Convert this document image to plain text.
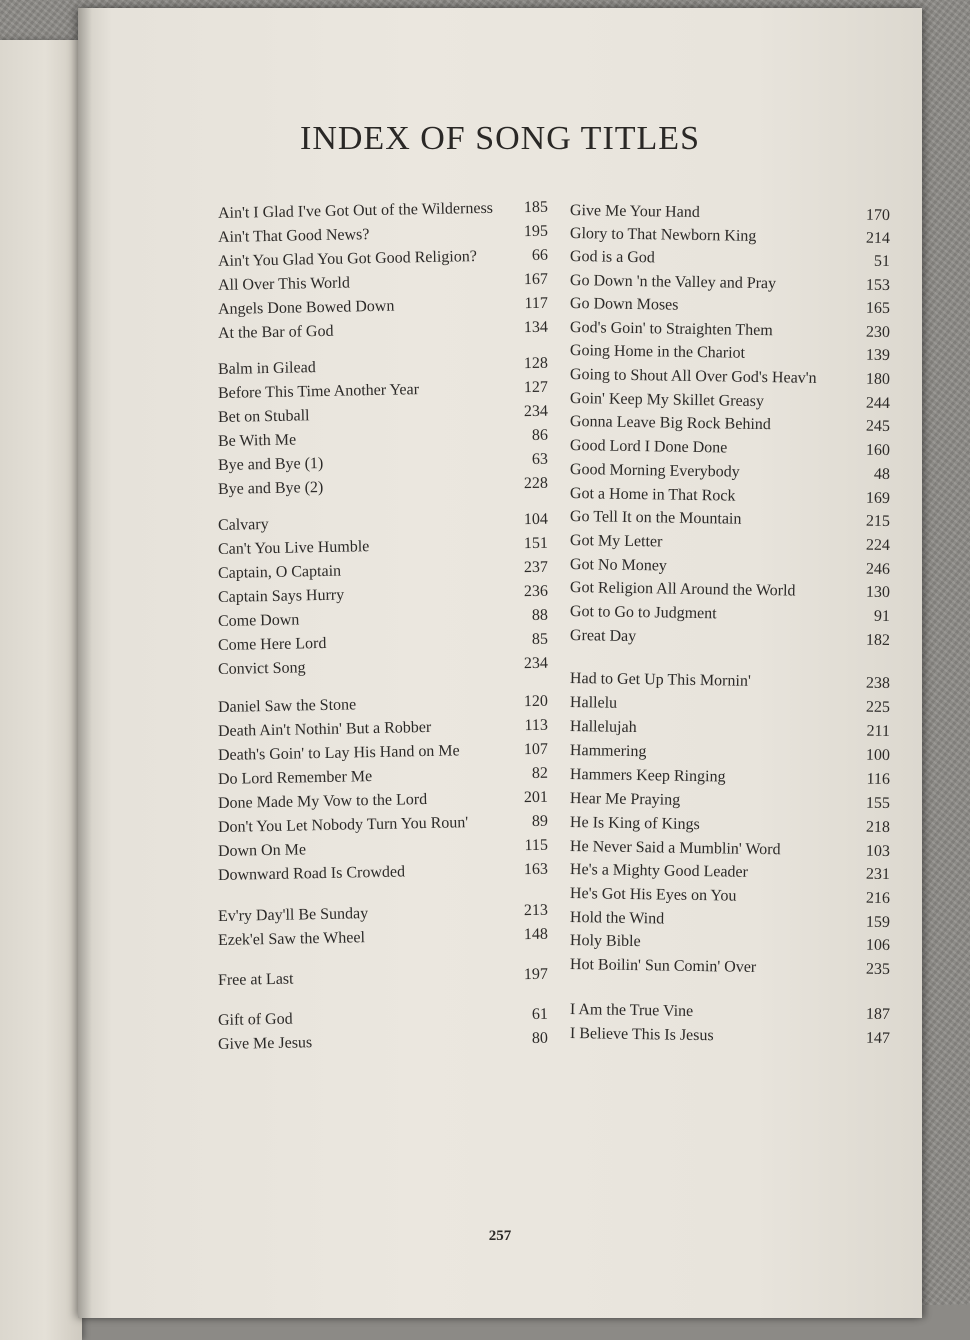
INDEX OF SONG TITLES
Ain't I Glad I've Got Out of the Wilderness 185
Ain't That Good News?	195
Ain't You Glad You Got Good Religion?	66
All Over This World	167
Angels Done Bowed Down	117
At the Bar of God	134
Balm in Gilead	128
Before This Time Another Year	127
Bet on Stuball	234
Be With Me	86
Bye and Bye (1)	63
Bye and Bye (2)	228
Calvary	104
Can't You Live Humble	151
Captain, O Captain	237
Captain Says Hurry	236
Come Down	88
Come Here Lord	85
Convict Song	234
Daniel Saw the Stone	120
Death Ain't Nothin' But a Robber	113
Death's Goin' to Lay His Hand on Me	107
Do Lord Remember Me	82
Done Made My Vow to the Lord	201
Don't You Let Nobody Turn You Roun'	89
Down On Me	115
Downward Road Is Crowded	163
Ev'ry Day'll Be Sunday	213
Ezek'el Saw the Wheel	148
Free at Last	197
Gift of God	61
Give Me Jesus	80
Give Me Your Hand	170
Glory to That Newborn King	214
God is a God	51
Go Down 'n the Valley and Pray	153
Go Down Moses	165
God's Goin' to Straighten Them	230
Going Home in the Chariot	139
Going to Shout All Over God's Heav'n	180
Goin' Keep My Skillet Greasy	244
Gonna Leave Big Rock Behind	245
Good Lord I Done Done	160
Good Morning Everybody	48
Got a Home in That Rock	169
Go Tell It on the Mountain	215
Got My Letter	224
Got No Money	246
Got Religion All Around the World	130
Got to Go to Judgment	91
Great Day	182
Had to Get Up This Mornin'	238
Hallelu	225
Hallelujah	211
Hammering	100
Hammers Keep Ringing	116
Hear Me Praying	155
He Is King of Kings	218
He Never Said a Mumblin' Word	103
He's a Mighty Good Leader	231
He's Got His Eyes on You	216
Hold the Wind	159
Holy Bible	106
Hot Boilin' Sun Comin' Over	235
I Am the True Vine	187
I Believe This Is Jesus	147
257
